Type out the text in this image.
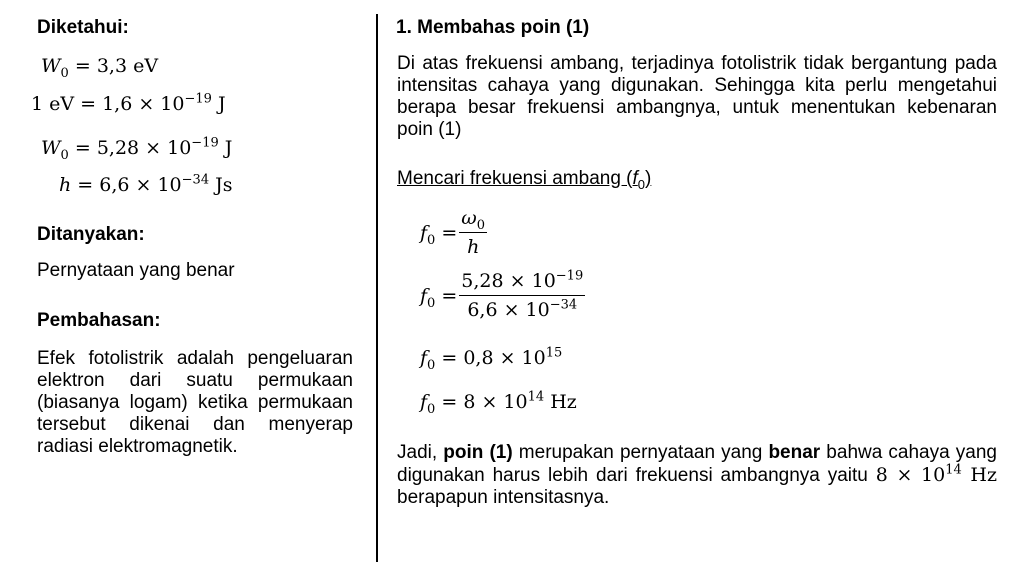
Diketahui:
$W_0 = 3,3$ eV
1 eV = $1,6 \times 10^{-19}$ J
$W_0 = 5,28 \times 10^{-19}$ J
$h = 6,6 \times 10^{-34}$ Js
Ditanyakan:
Pernyataan yang benar
Pembahasan:
Efek fotolistrik adalah pengeluaran elektron dari suatu permukaan (biasanya logam) ketika permukaan tersebut dikenai dan menyerap radiasi elektromagnetik.
1. Membahas poin (1)
Di atas frekuensi ambang, terjadinya fotolistrik tidak bergantung pada intensitas cahaya yang digunakan. Sehingga kita perlu mengetahui berapa besar frekuensi ambangnya, untuk menentukan kebenaran poin (1)
Mencari frekuensi ambang $(f_0)$
$f_0 = \frac{\omega_0}{h}$
$f_0 = \frac{5,28 \times 10^{-19}}{6,6 \times 10^{-34}}$
$f_0 = 0,8 \times 10^{15}$
$f_0 = 8 \times 10^{14}$ Hz
Jadi, poin (1) merupakan pernyataan yang benar bahwa cahaya yang digunakan harus lebih dari frekuensi ambangnya yaitu $8 \times 10^{14}$ Hz berapapun intensitasnya.
